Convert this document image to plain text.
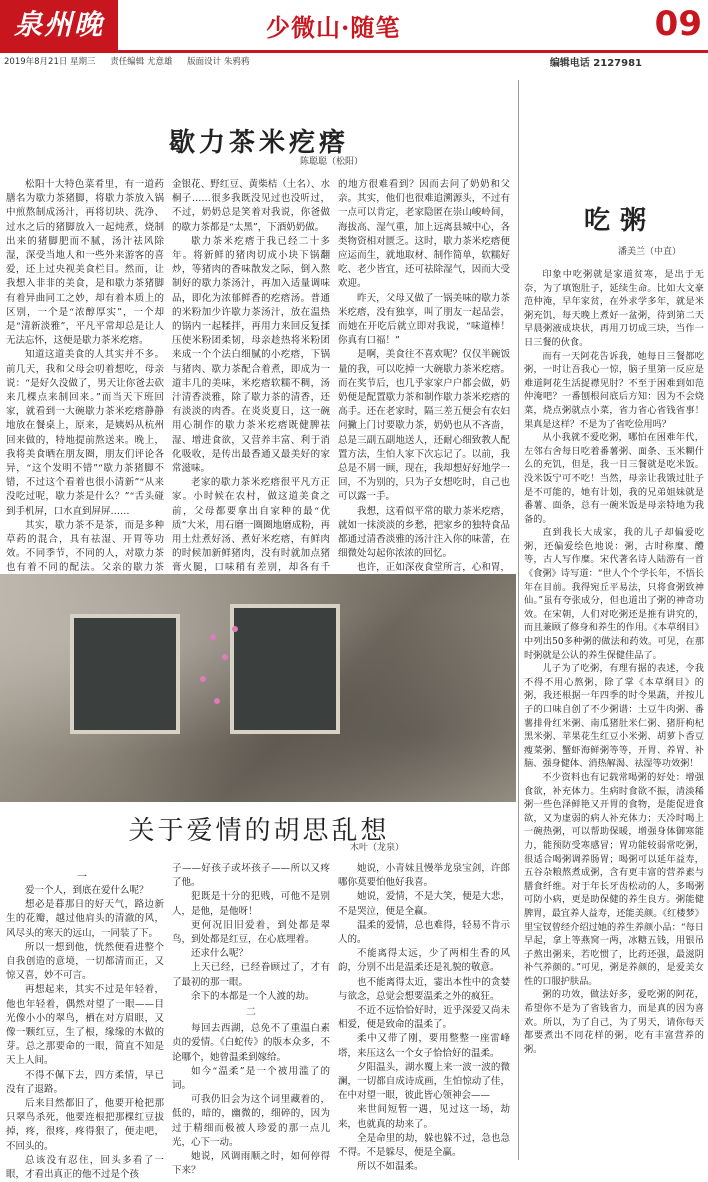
泉州晚報
少微山·随笔	09
2019年8月21日 星期三 责任编辑 尤意雄 版面设计 朱鸦鸦	编辑电话 2127981
歇力茶米疙瘩
陈聪聪（松阳）

松阳十大特色菜肴里，有一道药膳名为歇力茶猪脚，将歇力茶放入锅中煎熬制成汤汁，再将切块、洗净、过水之后的猪脚放入一起炖煮，烧制出来的猪脚肥而不腻，汤汁祛风除湿，深受当地人和一些外来游客的喜爱，还上过央视美食栏目。然而，让我想入非非的美食，是和歇力茶猪脚有着异曲同工之妙，却有着本质上的区别，一个是“浓醇厚实”，一个却是“清新淡雅”，平凡平常却总是让人无法忘怀，这便是歇力茶米疙瘩。

知道这道美食的人其实并不多。前几天，我和父母会叨着想吃，母亲说：“是好久没做了，男天让你爸去砍来几棵点来制回来。”而当天下班回家，就看到一大碗歇力茶米疙瘩静静地放在餐桌上，原来，是姨妈从杭州回来做的，特地提前熬送来。晚上，我将美食晒在朋友圈，朋友们评论各异，“这个发明不错”“歇力茶猪脚不错，不过这个看着也很小清新”“从来没吃过呢，歇力茶是什么？”“舌头碰到手机屏，口水直到屏屏……

其实，歇力茶不是茶，而是多种草药的混合，具有祛湿、开胃等功效。不同季节，不同的人，对歇力茶也有着不同的配法。父亲的歇力茶

金银花、野红豆、黄柴桔（土名）、水桐子……很多我既没见过也没听过，不过，奶奶总是笑着对我说，你爸做的歇力茶都是“太黑”，下酒奶奶做。

歇力茶米疙瘩于我已经二十多年。将新鲜的猪肉切成小块下锅翻炒，等猪肉的香味散发之际，倒入熬制好的歇力茶汤汁，再加入适量调味品，即化为浓郁鲜香的疙瘩汤。普通的米粉加少许歇力茶汤汁，放在温热的锅内一起糅拌，再用力来回反复揉压使米粉团柔韧，母亲趁热将米粉团来成一个个法白细腻的小疙瘩，下锅与猪肉、歇力茶配合着煮，即成为一道丰几的美味，米疙瘩软糯不稠，汤汁清香淡雅，除了歇力茶的清香，还有淡淡的肉香。在炎炎夏日，这一碗用心制作的歇力茶米疙瘩既健脾祛湿、增进食欲，又营养丰富、利于消化吸收，是传出最香通又最美好的家常滋味。

老家的歇力茶米疙瘩很平凡方正家。小时候在农村，做这道美食之前，父母都要拿出自家种的最“优质”大米，用石磨一圈圈地磨成粉，再用土灶煮好汤、煮好米疙瘩，有鲜肉的时候加新鲜猪肉，没有时就加点猪膏火腿，口味稍有差别，却各有千

的地方很难看到？因而去问了奶奶和父亲。其实，他们也很难追溯源头，不过有一点可以肯定，老家隐匿在崇山峻岭间，海拔高、湿气重，加上远离县城中心，各类物资相对匮乏。这时，歇力茶米疙瘩便应运而生，就地取材、制作简单，软糯好吃、老少皆宜，还可祛除湿气，因而大受欢迎。

昨天，父母又做了一锅美味的歇力茶米疙瘩，没有独享，叫了朋友一起品尝，而她在开吃后就立即对我说，“味道棒！你真有口福！”

是啊，美食往不喜欢呢？仅仅半碗饭量的我，可以吃掉一大碗歇力茶米疙瘩。而在奖节后，也几乎家家户户都会做，奶奶便是配置歇力茶和制作歇力茶米疙瘩的高手。还在老家时，隔三差五便会有农妇问撇上门讨要歇力茶，奶奶也从不吝啬，总是三副五副地送人，还耐心细致教人配置方法，生怕人家下次忘记了。以前，我总是不屑一顾，现在，我却想好好地学一回，不为别的，只为子女想吃时，自己也可以露一手。

我想，这看似平常的歇力茶米疙瘩，就如一抹淡淡的乡愁，把家乡的独特食品都通过清香淡雅的汤汁注入你的味蕾，在细微处勾起你浓浓的回忆。

也许，正如深夜食堂所言，心和胃，

吃粥
潘美兰（中直）

印象中吃粥就是家道贫寒，是出于无奈，为了填饱肚子，延续生命。比如大文豪范仲淹，早年家贫，在外求学多年，就是米粥充饥，每天晚上煮好一盆粥，待到第二天早晨粥液成块状，再用刀切成三块，当作一日三餐的伙食。

而有一天阿花告诉我，她每日三餐都吃粥，一时让吾我心一惊，脑子里第一反应是难道阿花生活捉襟见肘？不至于困难到如范仲淹吧？一番刨根问底后方知：因为不会烧菜，烧点粥就点小菜，省力省心省钱省事！果真是这样？不是为了省吃俭用吗？

从小我就不爱吃粥，哪怕在困难年代，左邻右舍每日吃着番薯粥、面条、玉米糊什么的充饥，但是，我一日三餐就是吃米饭。没米饭宁可不吃！当然，母亲让我饿过肚子是不可能的，她有计划，我的兄弟姐妹就是番薯、面条，总有一碗米饭是母亲特地为我备的。

直到我长大成家，我的儿子却偏爱吃粥，还偏爱绘色地说：粥，古时称糜、醴等，古人写作糜。宋代著名诗人陆游有一首《食粥》诗写道：“世人个个学长年，不悟长年在目前。我得宛丘平易法，只将食粥致神仙。”虽有夸张成分，但也道出了粥的神奇功效。在宋朝，人们对吃粥还是推有讲究的，而且兼顾了修身和养生的作用。《本草纲目》中列出50多种粥的做法和药效。可见，在那时粥就是公认的养生保健佳品了。

儿子为了吃粥，有理有据的表述，令我不得不用心熬粥，除了掌《本草纲目》的粥，我还根据一年四季的时令果蔬，并按儿子的口味自创了不少粥谱：土豆牛肉粥、番薯排骨红米粥、南瓜猪肚米仁粥、猪肝枸杞黑米粥、苹果花生红豆小米粥、胡萝卜香豆瘦菜粥、蟹虾海鲜粥等等，开胃、养胃、补脑、强身健体、消热解渴、祛湿等功效粥！

不少资料也有记载常喝粥的好处：增强食欲，补充体力。生病时食欲不振，清淡稀粥一些色泽鲜艳又开胃的食物，是能促进食欲，又为虚弱的病人补充体力；天冷时喝上一碗热粥，可以帮助保暖，增强身体御寒能力，能预防受寒感冒；胃功能较弱常吃粥，很适合喝粥调养肠胃；喝粥可以延年益寿，五谷杂粮熬煮成粥，含有更丰富的营养素与膳食纤维。对于年长牙齿松动的人，多喝粥可防小病，更是助保健的养生良方。粥能健脾胃，最宜养人益寿，还能美颜。《红楼梦》里宝钗曾经介绍过她的养生养颜小品：“每日早起，拿上等燕窝一两，冰糖五钱，用银吊子熬出粥来，若吃惯了，比药还强，最滋阴补气养颜的。”可见，粥是养颜的，是爱美女性的口服护肤品。

粥的功效，做法好多，爱吃粥的阿花，希望你不是为了省钱省力，而是真的因为喜欢。所以，为了自己，为了男天，请你每天都要煮出不同花样的粥，吃有丰富营养的粥。

关于爱情的胡思乱想
木叶（龙泉）
一

爱一个人，到底在爱什么呢？

想必是暮那日的好天气，路边新生的花瓣，越过他肩头的清澈的风，风尽头的寒天的远山，一同装了下。

所以一想到他，恍然便看进整个自我创造的意境，一切都清而正，又惊又喜，妙不可言。

再想起来，其实不过是年轻着，他也年轻着，偶然对望了一眼——目光像小小的翠鸟，栖在对方眉眼，又像一颗红豆，生了根，缘缘的木做的芽。总之那要命的一眼，简直不知是天上人间。

不得不佩下去，四方柔情，早已没有了退路。

后来目然都旧了，他要开枪把那只翠鸟杀死，他要连根把那棵红豆拔掉，疼，很疼，疼得狠了，便走吧，不回头的。

总该没有忍住，回头多看了一眼，才看出真正的他不过是个孩

子——好孩子或坏孩子——所以又疼了他。

犯既是十分的犯贱，可他不是别人，是他，是他呀！

更何况旧旧爱着，到处都是翠鸟，到处都是红豆，在心底埋着。

还求什么呢？

上天已经，已经眷顾过了，才有了最初的那一眼。

余下的本都是一个人渡的劫。

二

每回去西湖，总免不了重温白素贞的爱情。《白蛇传》的版本众多，不论哪个，她曾温柔到嫁给。

如今“温柔”是一个被用滥了的词。

可我仍旧会为这个词里藏着的，低的，暗的，幽微的，细碎的，因为过于精细而极被人珍爱的那一点儿光，心下一动。

她说，风调雨顺之时，如何停得下来？

她说，小青妹且慢举龙泉宝剑，许郎哪你莫要怕他好我喜。

她说，爱情，不是大笑，便是大悲，不是哭泣，便是全赢。

温柔的爱情，总也难得，轻易不肯示人的。

不能离得太远，少了两相生香的风韵，分别不出是温柔还是礼貌的敬意。

也不能离得太近，霎出本性中的贪婪与欲念，总觉会想要温柔之外的疯狂。

不近不远恰恰好时，近乎深爱又尚未相爱，便是致命的温柔了。

柔中又带了刚，要用整整一座雷峰塔，来压这么一个女子恰恰好的温柔。

夕阳温头，湖水覆上来一波一波的微澜，一切都自成诗成画，生怕惊动了佳，在中对望一眼，彼此皆心领神会——

来世间短暂一遇，见过这一场，劫来，也就真的劫来了。

全是命里的劫，躲也躲不过，急也急不得。不是躲尽，便是全赢。

所以不如温柔。
